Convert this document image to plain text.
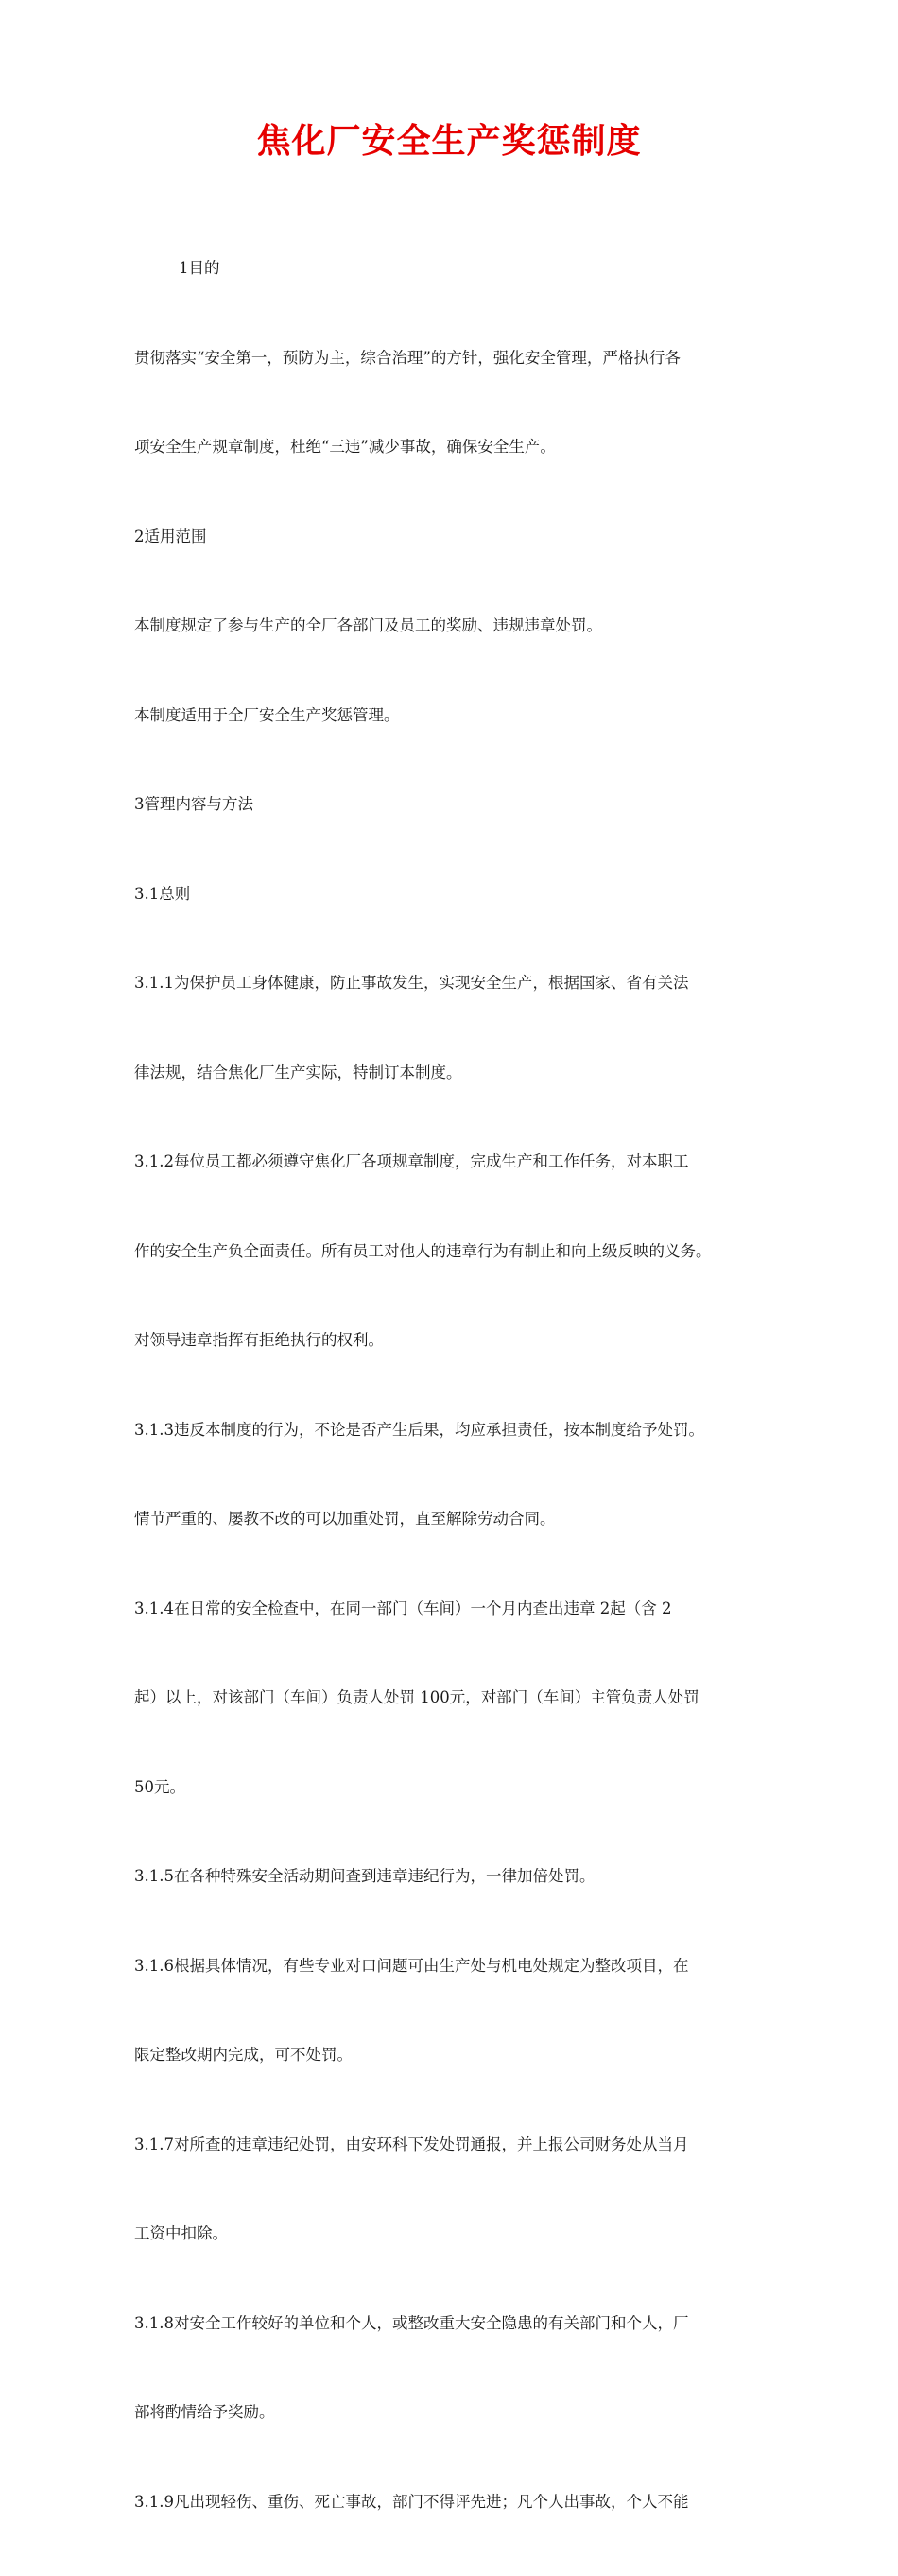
焦化厂安全生产奖惩制度

1目的

贯彻落实“安全第一，预防为主，综合治理”的方针，强化安全管理，严格执行各

项安全生产规章制度，杜绝“三违”减少事故，确保安全生产。

2适用范围

本制度规定了参与生产的全厂各部门及员工的奖励、违规违章处罚。

本制度适用于全厂安全生产奖惩管理。

3管理内容与方法

3.1总则

3.1.1为保护员工身体健康，防止事故发生，实现安全生产，根据国家、省有关法

律法规，结合焦化厂生产实际，特制订本制度。

3.1.2每位员工都必须遵守焦化厂各项规章制度，完成生产和工作任务，对本职工

作的安全生产负全面责任。所有员工对他人的违章行为有制止和向上级反映的义务。

对领导违章指挥有拒绝执行的权利。

3.1.3违反本制度的行为，不论是否产生后果，均应承担责任，按本制度给予处罚。

情节严重的、屡教不改的可以加重处罚，直至解除劳动合同。

3.1.4在日常的安全检查中，在同一部门（车间）一个月内查出违章 2起（含 2

起）以上，对该部门（车间）负责人处罚 100元，对部门（车间）主管负责人处罚

50元。

3.1.5在各种特殊安全活动期间查到违章违纪行为，一律加倍处罚。

3.1.6根据具体情况，有些专业对口问题可由生产处与机电处规定为整改项目，在

限定整改期内完成，可不处罚。

3.1.7对所查的违章违纪处罚，由安环科下发处罚通报，并上报公司财务处从当月

工资中扣除。

3.1.8对安全工作较好的单位和个人，或整改重大安全隐患的有关部门和个人，厂

部将酌情给予奖励。

3.1.9凡出现轻伤、重伤、死亡事故，部门不得评先进；凡个人出事故，个人不能
